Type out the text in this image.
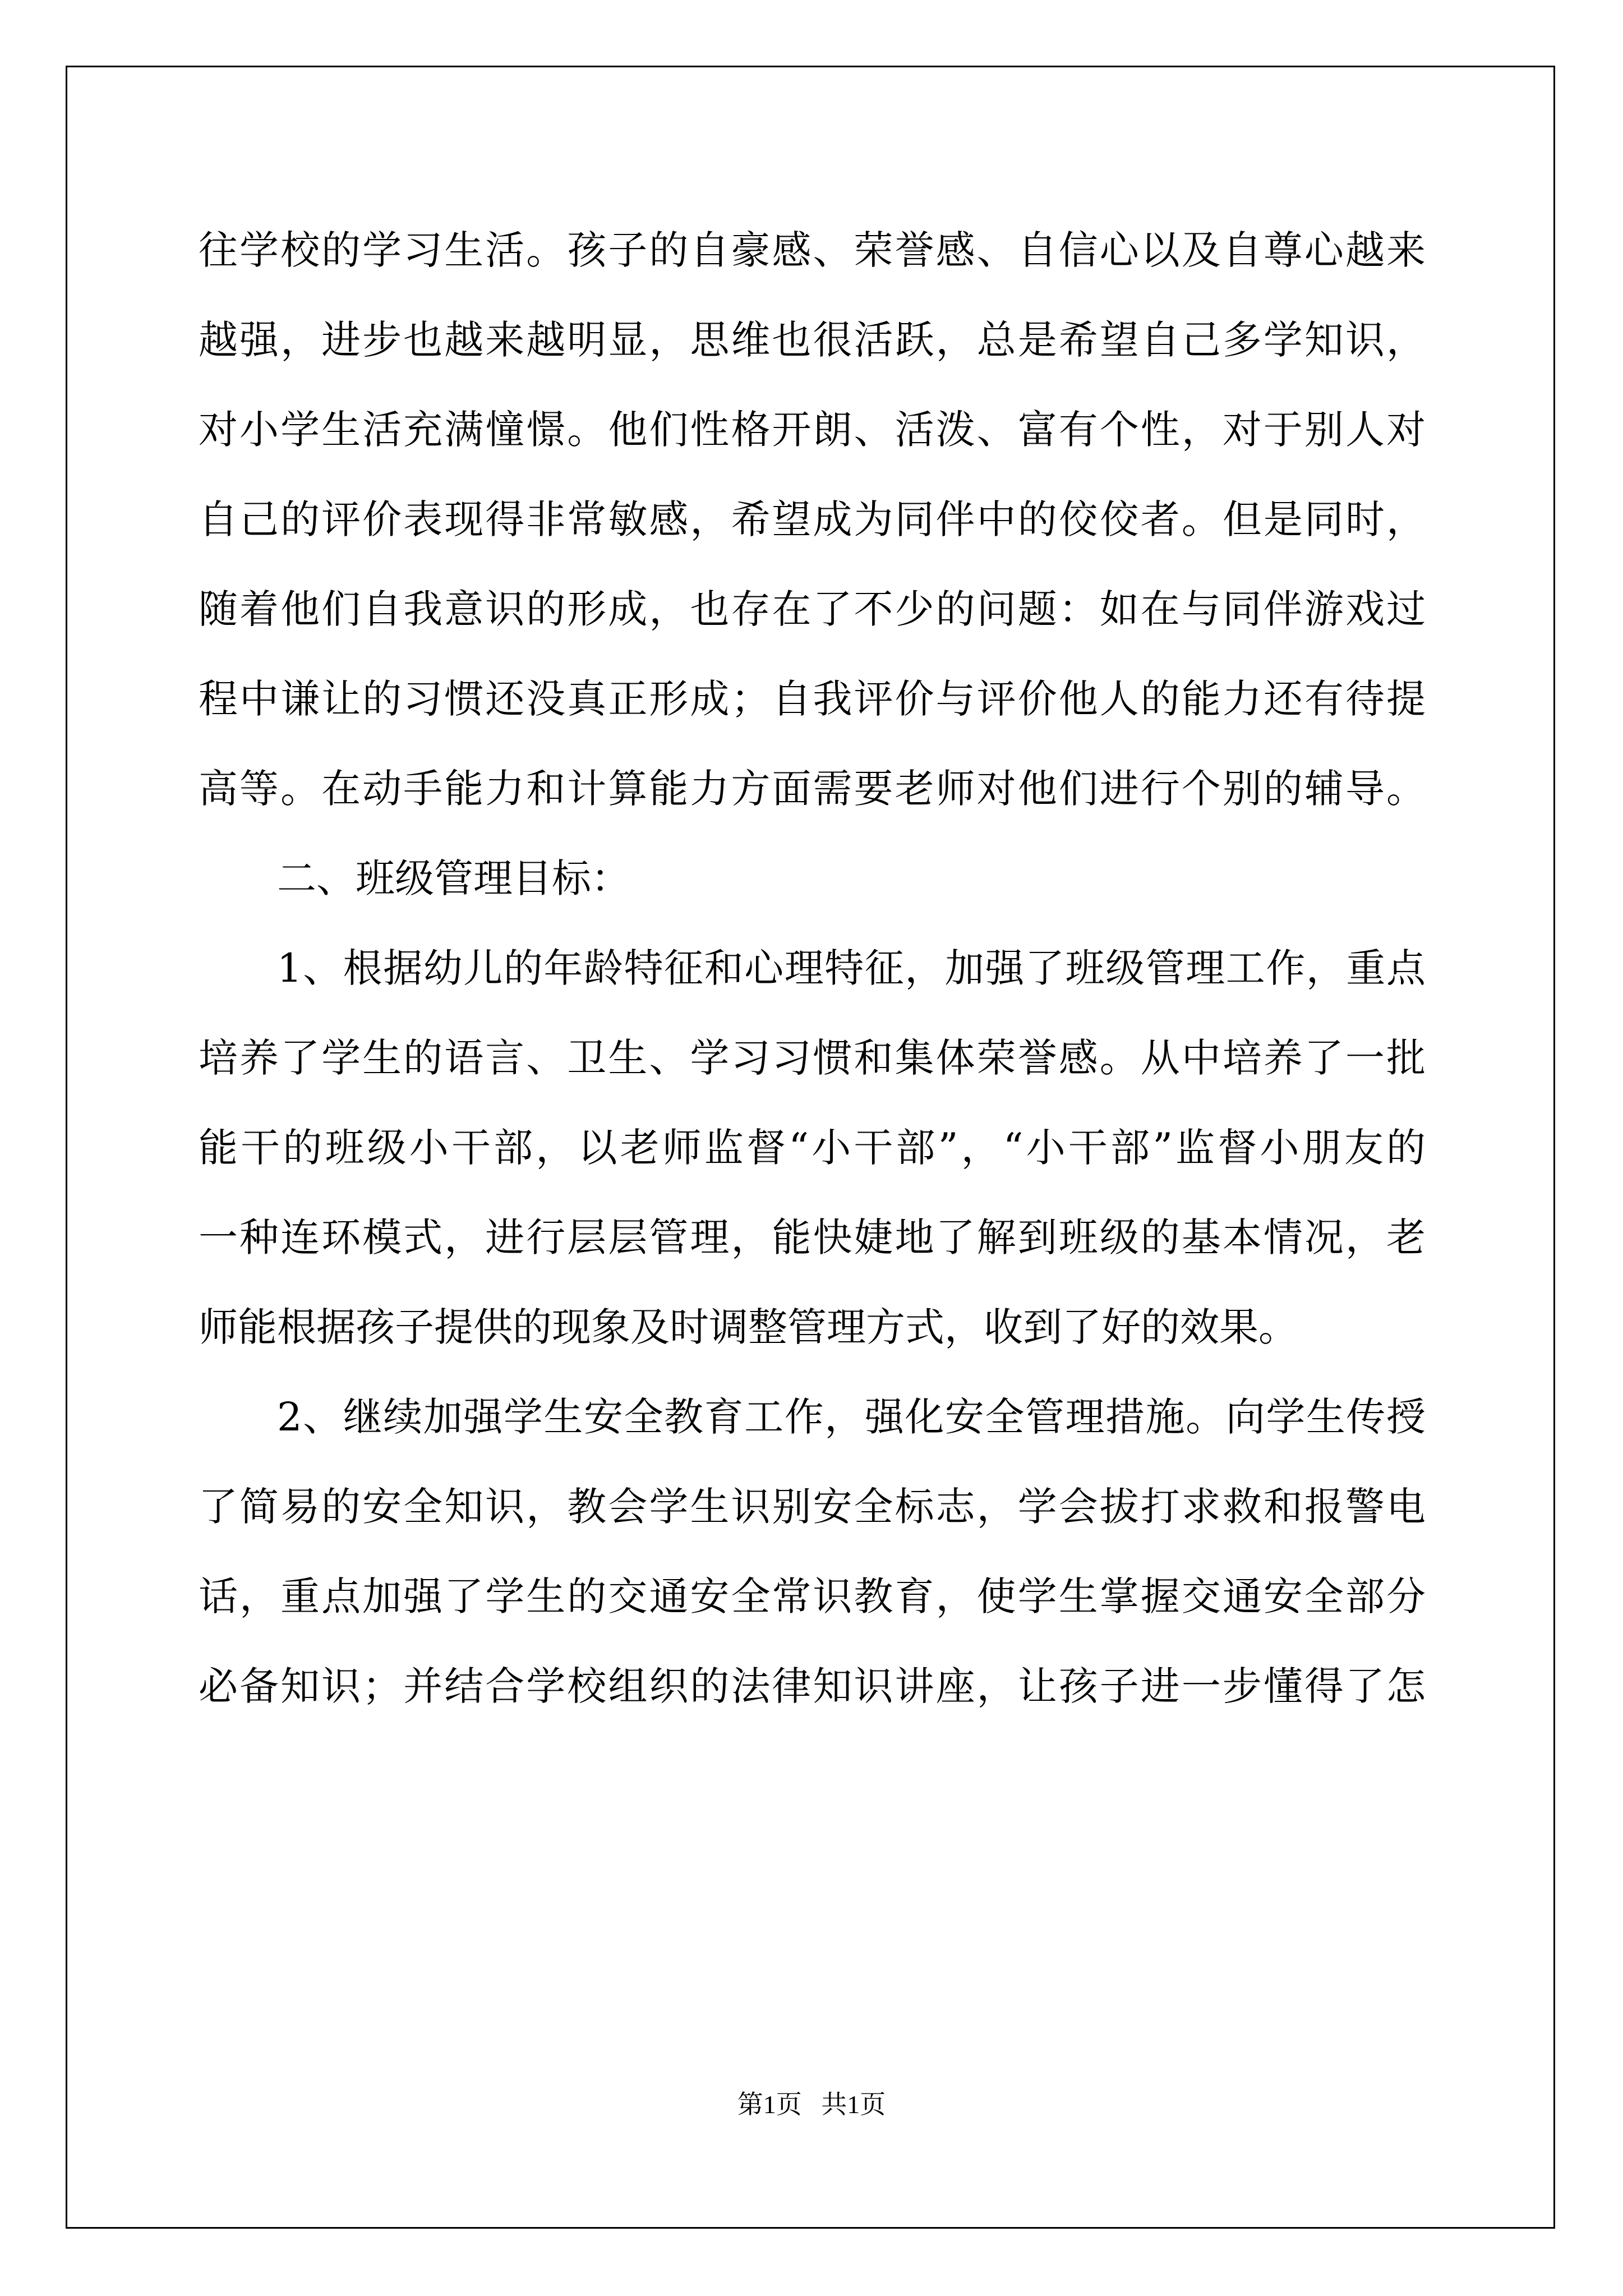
往学校的学习生活。孩子的自豪感、荣誉感、自信心以及自尊心越来
越强，进步也越来越明显，思维也很活跃，总是希望自己多学知识，
对小学生活充满憧憬。他们性格开朗、活泼、富有个性，对于别人对
自己的评价表现得非常敏感，希望成为同伴中的佼佼者。但是同时，
随着他们自我意识的形成，也存在了不少的问题：如在与同伴游戏过
程中谦让的习惯还没真正形成；自我评价与评价他人的能力还有待提
高等。在动手能力和计算能力方面需要老师对他们进行个别的辅导。
二、班级管理目标：
1、根据幼儿的年龄特征和心理特征，加强了班级管理工作，重点
培养了学生的语言、卫生、学习习惯和集体荣誉感。从中培养了一批
能干的班级小干部，以老师监督“小干部”，“小干部”监督小朋友的
一种连环模式，进行层层管理，能快婕地了解到班级的基本情况，老
师能根据孩子提供的现象及时调整管理方式，收到了好的效果。
2、继续加强学生安全教育工作，强化安全管理措施。向学生传授
了简易的安全知识，教会学生识别安全标志，学会拔打求救和报警电
话，重点加强了学生的交通安全常识教育，使学生掌握交通安全部分
必备知识；并结合学校组织的法律知识讲座，让孩子进一步懂得了怎
第1页   共1页
